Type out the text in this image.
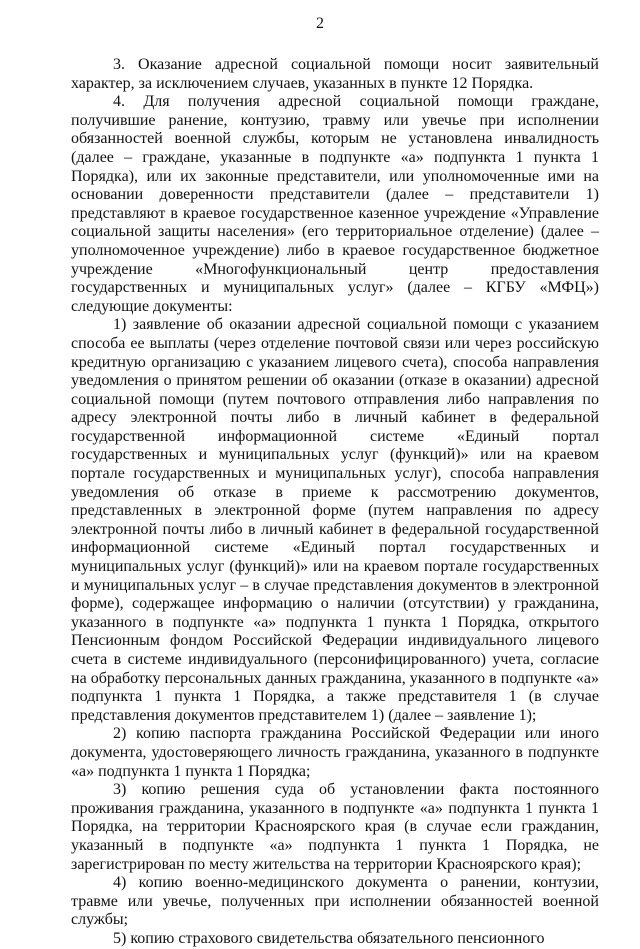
2

3. Оказание адресной социальной помощи носит заявительный характер, за исключением случаев, указанных в пункте 12 Порядка.

4. Для получения адресной социальной помощи граждане, получившие ранение, контузию, травму или увечье при исполнении обязанностей военной службы, которым не установлена инвалидность (далее – граждане, указанные в подпункте «а» подпункта 1 пункта 1 Порядка), или их законные представители, или уполномоченные ими на основании доверенности представители (далее – представители 1) представляют в краевое государственное казенное учреждение «Управление социальной защиты населения» (его территориальное отделение) (далее – уполномоченное учреждение) либо в краевое государственное бюджетное учреждение «Многофункциональный центр предоставления государственных и муниципальных услуг» (далее – КГБУ «МФЦ») следующие документы:

1) заявление об оказании адресной социальной помощи с указанием способа ее выплаты (через отделение почтовой связи или через российскую кредитную организацию с указанием лицевого счета), способа направления уведомления о принятом решении об оказании (отказе в оказании) адресной социальной помощи (путем почтового отправления либо направления по адресу электронной почты либо в личный кабинет в федеральной государственной информационной системе «Единый портал государственных и муниципальных услуг (функций)» или на краевом портале государственных и муниципальных услуг), способа направления уведомления об отказе в приеме к рассмотрению документов, представленных в электронной форме (путем направления по адресу электронной почты либо в личный кабинет в федеральной государственной информационной системе «Единый портал государственных и муниципальных услуг (функций)» или на краевом портале государственных и муниципальных услуг – в случае представления документов в электронной форме), содержащее информацию о наличии (отсутствии) у гражданина, указанного в подпункте «а» подпункта 1 пункта 1 Порядка, открытого Пенсионным фондом Российской Федерации индивидуального лицевого счета в системе индивидуального (персонифицированного) учета, согласие на обработку персональных данных гражданина, указанного в подпункте «а» подпункта 1 пункта 1 Порядка, а также представителя 1 (в случае представления документов представителем 1) (далее – заявление 1);

2) копию паспорта гражданина Российской Федерации или иного документа, удостоверяющего личность гражданина, указанного в подпункте «а» подпункта 1 пункта 1 Порядка;

3) копию решения суда об установлении факта постоянного проживания гражданина, указанного в подпункте «а» подпункта 1 пункта 1 Порядка, на территории Красноярского края (в случае если гражданин, указанный в подпункте «а» подпункта 1 пункта 1 Порядка, не зарегистрирован по месту жительства на территории Красноярского края);

4) копию военно-медицинского документа о ранении, контузии, травме или увечье, полученных при исполнении обязанностей военной службы;

5) копию страхового свидетельства обязательного пенсионного
